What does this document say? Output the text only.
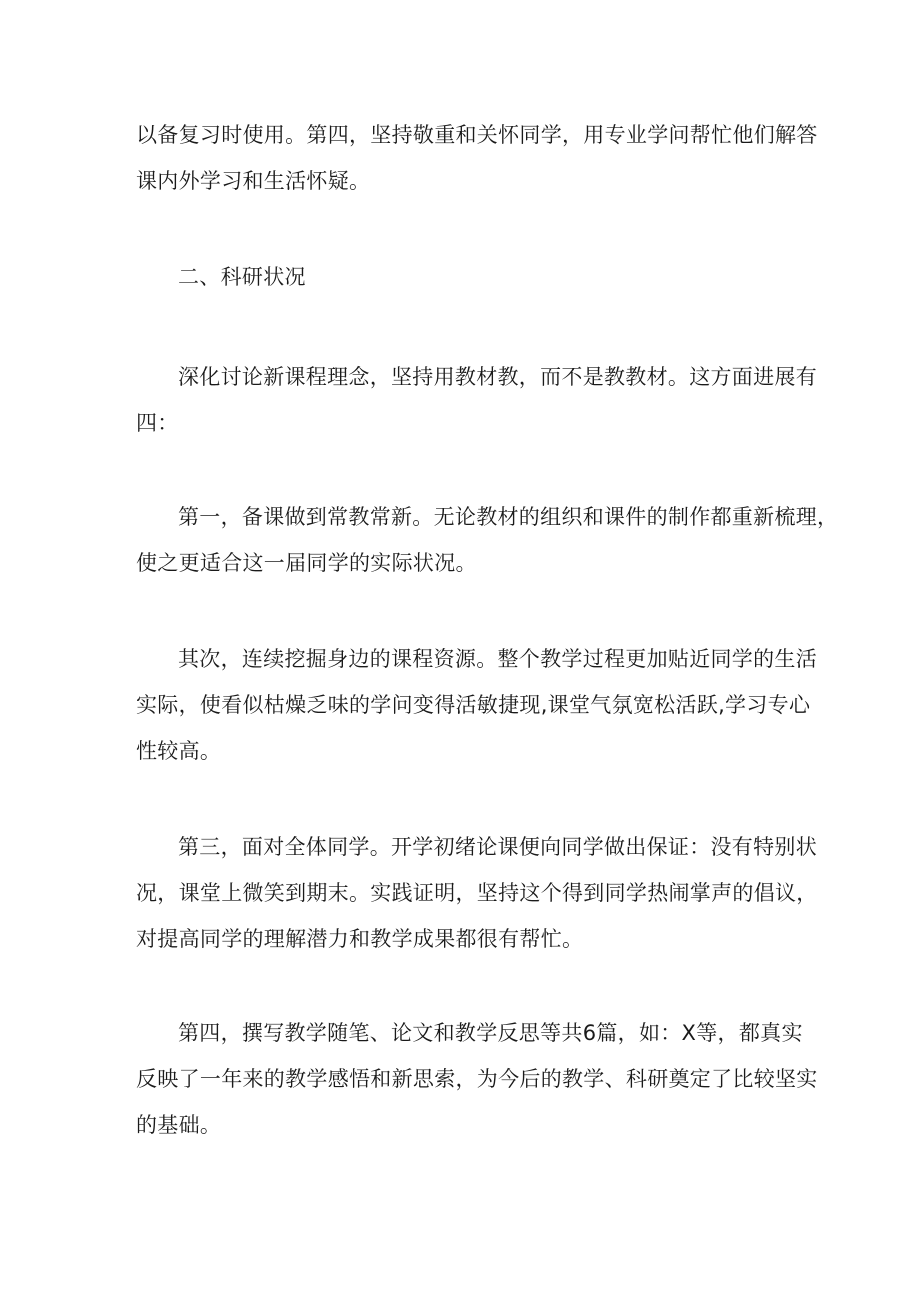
以备复习时使用。第四，坚持敬重和关怀同学，用专业学问帮忙他们解答
课内外学习和生活怀疑。
二、科研状况
深化讨论新课程理念，坚持用教材教，而不是教教材。这方面进展有
四：
第一，备课做到常教常新。无论教材的组织和课件的制作都重新梳理，
使之更适合这一届同学的实际状况。
其次，连续挖掘身边的课程资源。整个教学过程更加贴近同学的生活
实际，使看似枯燥乏味的学问变得活敏捷现,课堂气氛宽松活跃,学习专心
性较高。
第三，面对全体同学。开学初绪论课便向同学做出保证：没有特别状
况，课堂上微笑到期末。实践证明，坚持这个得到同学热闹掌声的倡议，
对提高同学的理解潜力和教学成果都很有帮忙。
第四，撰写教学随笔、论文和教学反思等共6篇，如：X等，都真实
反映了一年来的教学感悟和新思索，为今后的教学、科研奠定了比较坚实
的基础。
